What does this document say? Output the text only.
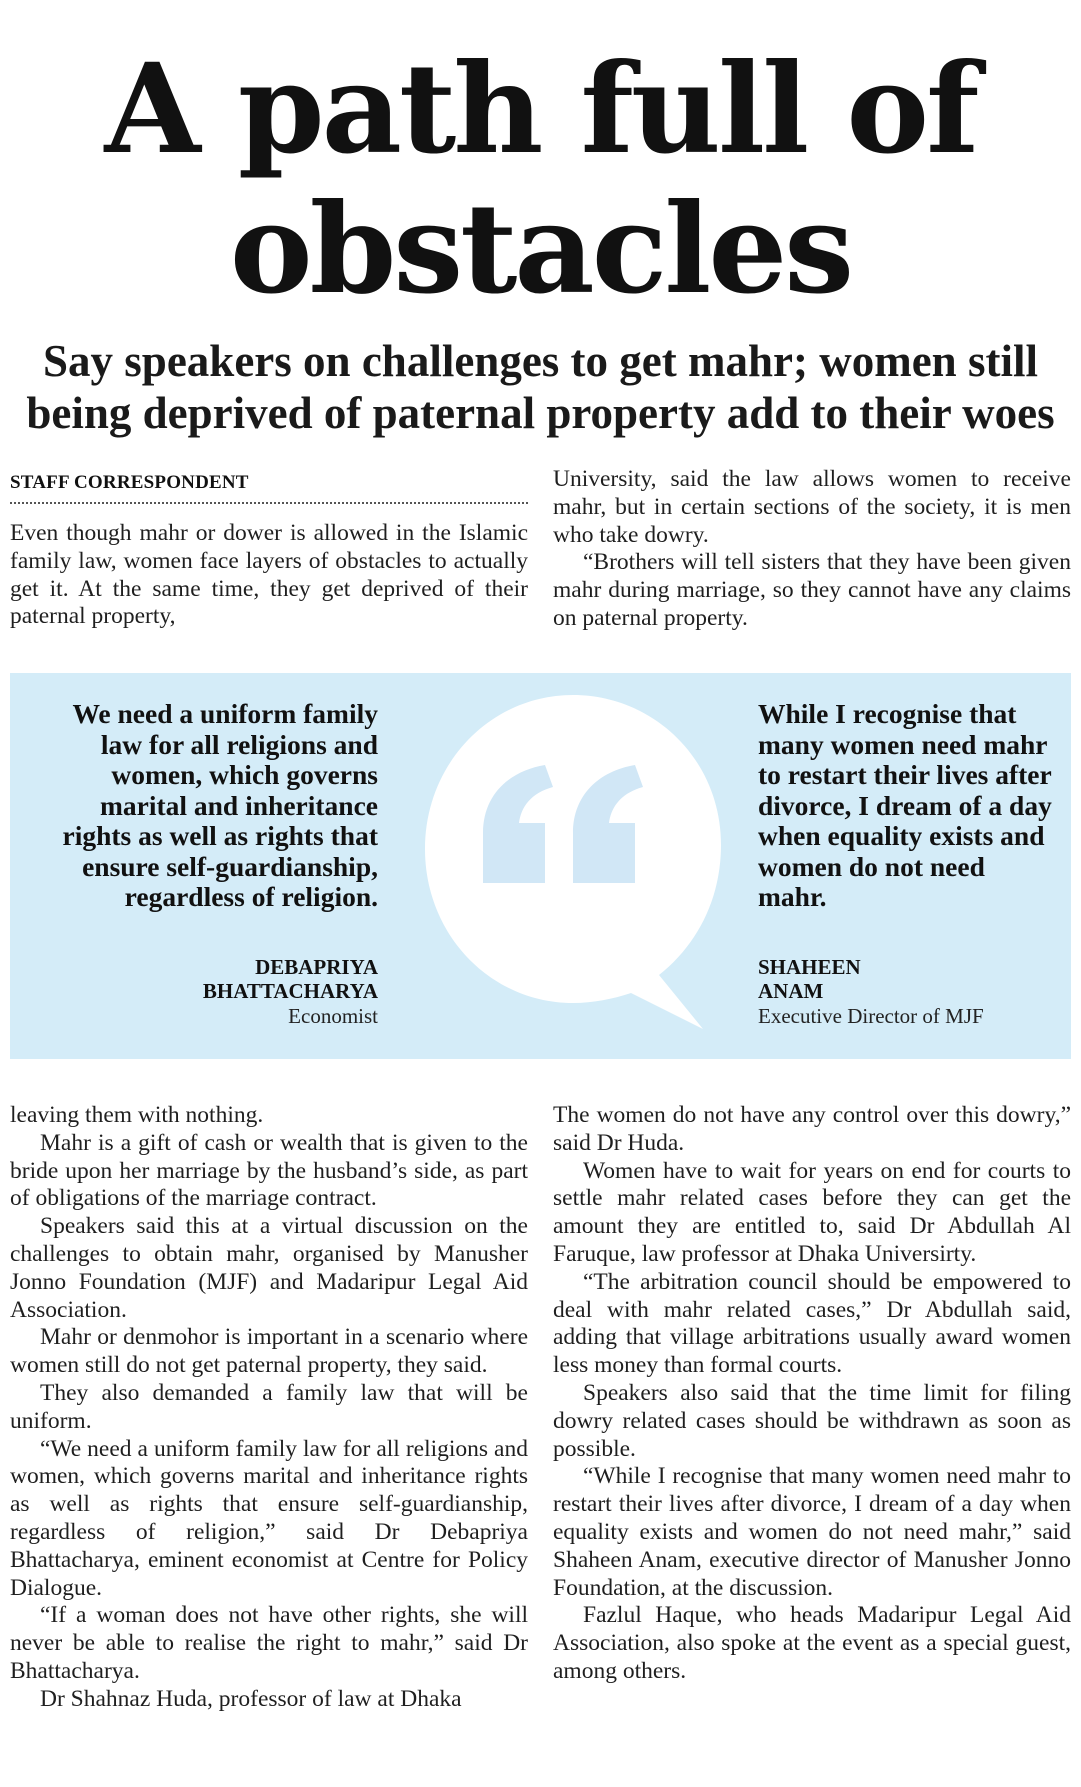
A path full of
obstacles
Say speakers on challenges to get mahr; women still
being deprived of paternal property add to their woes
STAFF CORRESPONDENT

Even though mahr or dower is allowed in the Islamic family law, women face layers of obstacles to actually get it. At the same time, they get deprived of their paternal property,

University, said the law allows women to receive mahr, but in certain sections of the society, it is men who take dowry.

“Brothers will tell sisters that they have been given mahr during marriage, so they cannot have any claims on paternal property.

We need a uniform family law for all religions and women, which governs marital and inheritance rights as well as rights that ensure self-guardianship, regardless of religion.
DEBAPRIYA
BHATTACHARYA
Economist
While I recognise that many women need mahr to restart their lives after divorce, I dream of a day when equality exists and women do not need mahr.
SHAHEEN
ANAM
Executive Director of MJF

leaving them with nothing.

Mahr is a gift of cash or wealth that is given to the bride upon her marriage by the husband’s side, as part of obligations of the marriage contract.

Speakers said this at a virtual discussion on the challenges to obtain mahr, organised by Manusher Jonno Foundation (MJF) and Madaripur Legal Aid Association.

Mahr or denmohor is important in a scenario where women still do not get paternal property, they said.

They also demanded a family law that will be uniform.

“We need a uniform family law for all religions and women, which governs marital and inheritance rights as well as rights that ensure self-guardianship, regardless of religion,” said Dr Debapriya Bhattacharya, eminent economist at Centre for Policy Dialogue.

“If a woman does not have other rights, she will never be able to realise the right to mahr,” said Dr Bhattacharya.

Dr Shahnaz Huda, professor of law at Dhaka

The women do not have any control over this dowry,” said Dr Huda.

Women have to wait for years on end for courts to settle mahr related cases before they can get the amount they are entitled to, said Dr Abdullah Al Faruque, law professor at Dhaka Universirty.

“The arbitration council should be empowered to deal with mahr related cases,” Dr Abdullah said, adding that village arbitrations usually award women less money than formal courts.

Speakers also said that the time limit for filing dowry related cases should be withdrawn as soon as possible.

“While I recognise that many women need mahr to restart their lives after divorce, I dream of a day when equality exists and women do not need mahr,” said Shaheen Anam, executive director of Manusher Jonno Foundation, at the discussion.

Fazlul Haque, who heads Madaripur Legal Aid Association, also spoke at the event as a special guest, among others.
